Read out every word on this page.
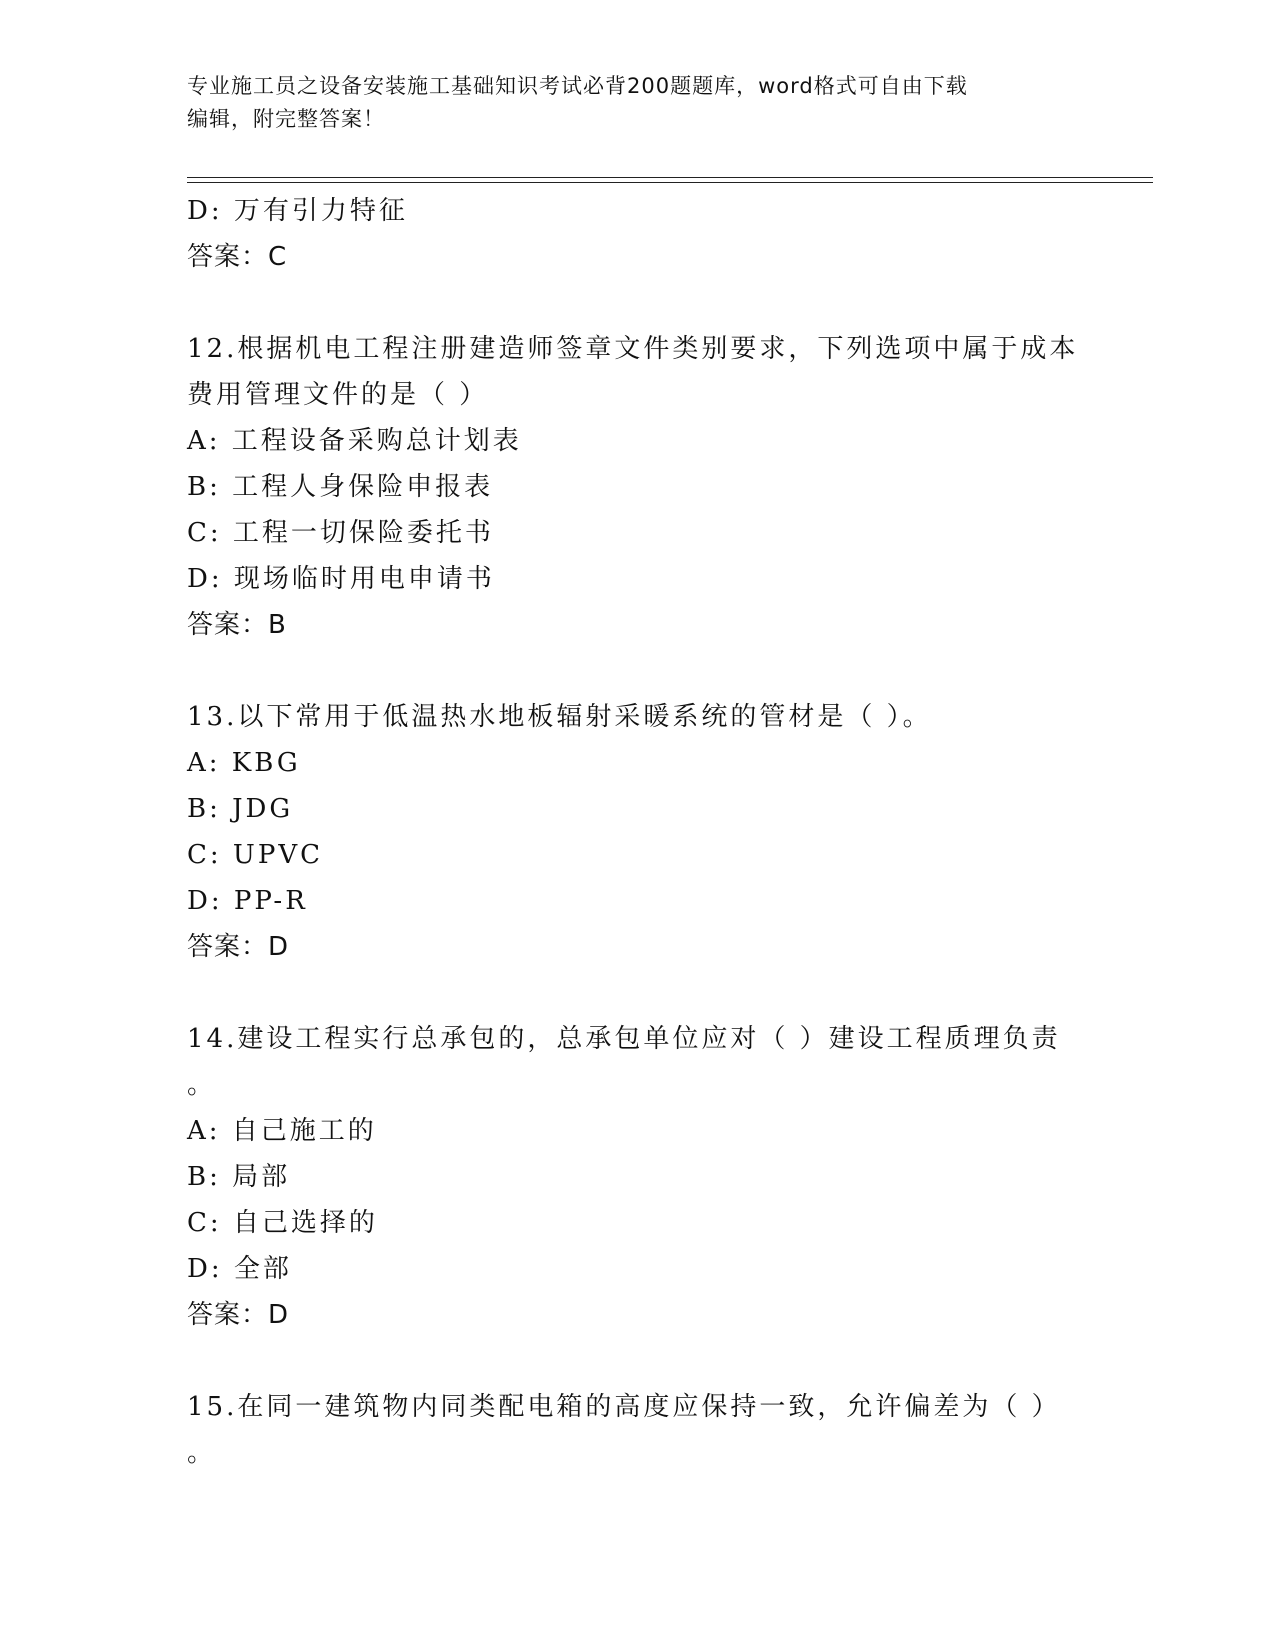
专业施工员之设备安装施工基础知识考试必背200题题库，word格式可自由下载
编辑，附完整答案！
D: 万有引力特征
答案：C
12.根据机电工程注册建造师签章文件类别要求，下列选项中属于成本
费用管理文件的是（ ）
A: 工程设备采购总计划表
B: 工程人身保险申报表
C: 工程一切保险委托书
D: 现场临时用电申请书
答案：B
13.以下常用于低温热水地板辐射采暖系统的管材是（ ）。
A: KBG
B: JDG
C: UPVC
D: PP-R
答案：D
14.建设工程实行总承包的，总承包单位应对（ ）建设工程质理负责
。
A: 自己施工的
B: 局部
C: 自己选择的
D: 全部
答案：D
15.在同一建筑物内同类配电箱的高度应保持一致，允许偏差为（ ）
。
